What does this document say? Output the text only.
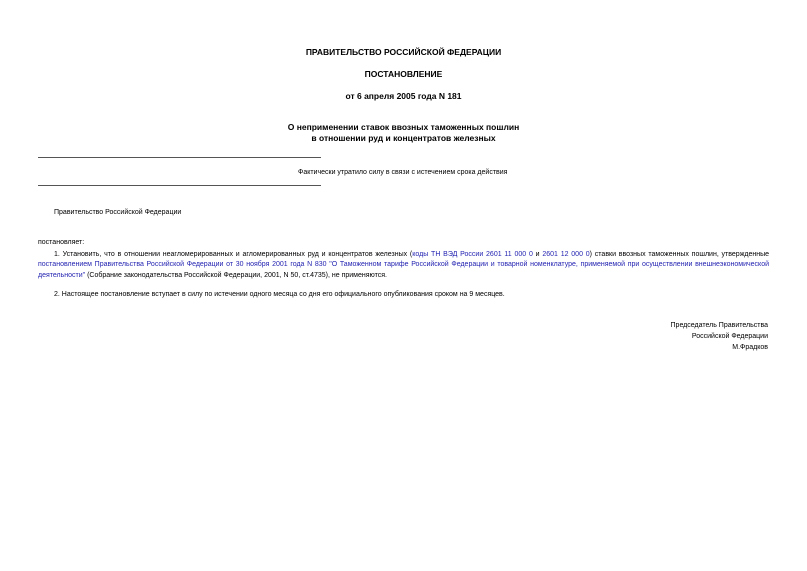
ПРАВИТЕЛЬСТВО РОССИЙСКОЙ ФЕДЕРАЦИИ
ПОСТАНОВЛЕНИЕ
от 6 апреля 2005 года N 181
О неприменении ставок ввозных таможенных пошлин
в отношении руд и концентратов железных
Фактически утратило силу в связи с истечением срока действия
Правительство Российской Федерации
постановляет:
1. Установить, что в отношении неагломерированных и агломерированных руд и концентратов железных (коды ТН ВЭД России 2601 11 000 0 и 2601 12 000 0) ставки ввозных таможенных пошлин, утвержденные постановлением Правительства Российской Федерации от 30 ноября 2001 года N 830 "О Таможенном тарифе Российской Федерации и товарной номенклатуре, применяемой при осуществлении внешнеэкономической деятельности" (Собрание законодательства Российской Федерации, 2001, N 50, ст.4735), не применяются.
2. Настоящее постановление вступает в силу по истечении одного месяца со дня его официального опубликования сроком на 9 месяцев.
Председатель Правительства
Российской Федерации
М.Фрадков
